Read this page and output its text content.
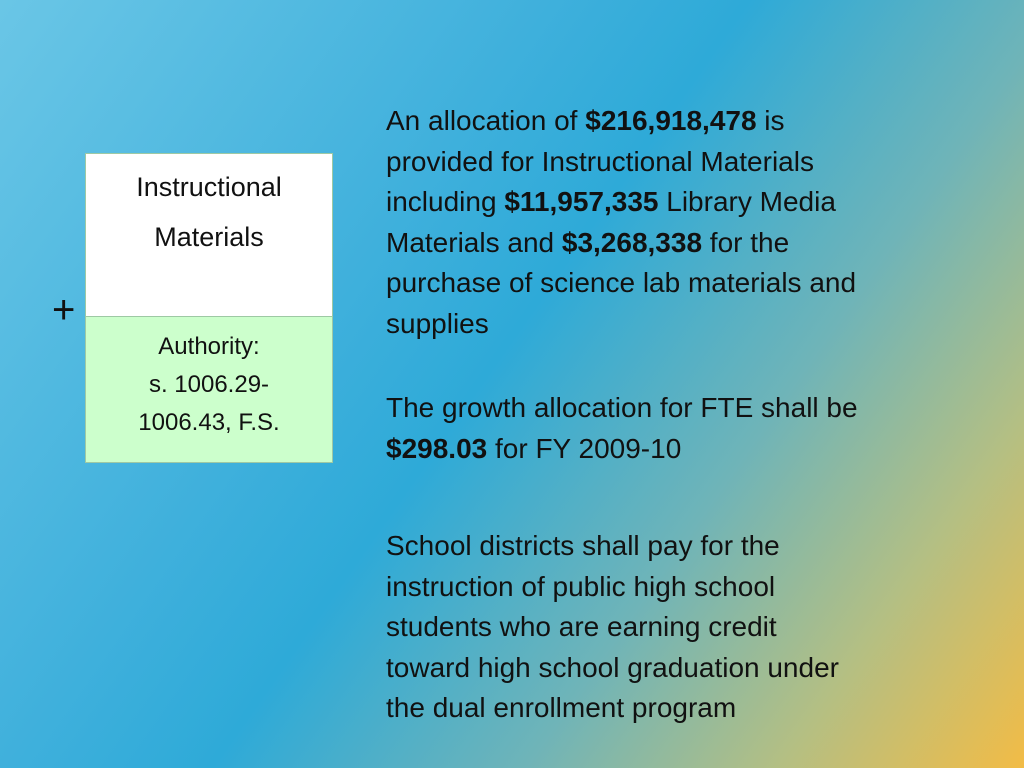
+
Instructional
Materials
Authority:
s. 1006.29-
1006.43, F.S.
An allocation of $216,918,478 is
provided for Instructional Materials
including $11,957,335 Library Media
Materials and $3,268,338 for the
purchase of science lab materials and
supplies
The growth allocation for FTE shall be
$298.03 for FY 2009-10
School districts shall pay for the
instruction of public high school
students who are earning credit
toward high school graduation under
the dual enrollment program
